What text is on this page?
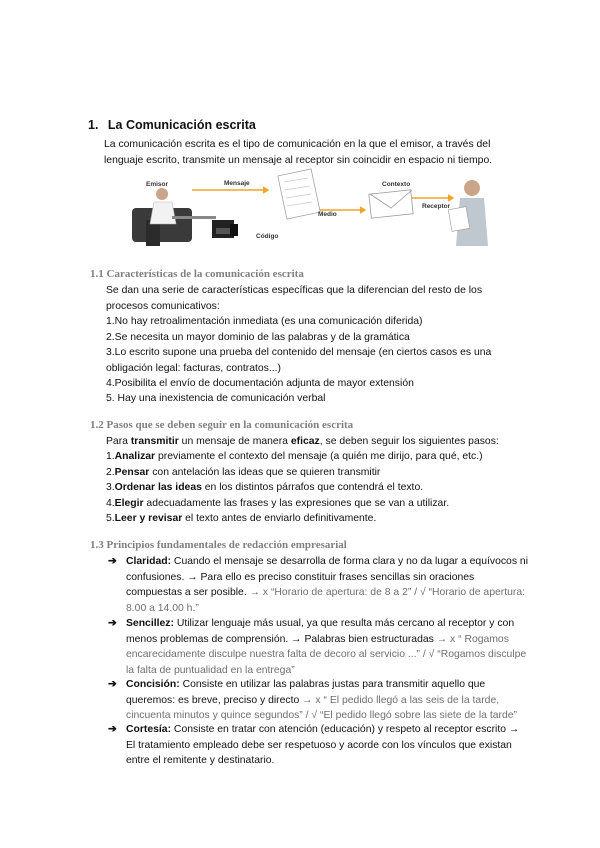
1. La Comunicación escrita
La comunicación escrita es el tipo de comunicación en la que el emisor, a través del lenguaje escrito, transmite un mensaje al receptor sin coincidir en espacio ni tiempo.
Emisor	Mensaje
Código
Medio
Contexto
Receptor
1.1 Características de la comunicación escrita
Se dan una serie de características específicas que la diferencian del resto de los procesos comunicativos:
1.No hay retroalimentación inmediata (es una comunicación diferida)
2.Se necesita un mayor dominio de las palabras y de la gramática
3.Lo escrito supone una prueba del contenido del mensaje (en ciertos casos es una obligación legal: facturas, contratos...)
4.Posibilita el envío de documentación adjunta de mayor extensión
5. Hay una inexistencia de comunicación verbal
1.2 Pasos que se deben seguir en la comunicación escrita
Para transmitir un mensaje de manera eficaz, se deben seguir los siguientes pasos:
1.Analizar previamente el contexto del mensaje (a quién me dirijo, para qué, etc.)
2.Pensar con antelación las ideas que se quieren transmitir
3.Ordenar las ideas en los distintos párrafos que contendrá el texto.
4.Elegir adecuadamente las frases y las expresiones que se van a utilizar.
5.Leer y revisar el texto antes de enviarlo definitivamente.
1.3 Principios fundamentales de redacción empresarial
➔ Claridad: Cuando el mensaje se desarrolla de forma clara y no da lugar a equívocos ni confusiones. → Para ello es preciso constituir frases sencillas sin oraciones compuestas a ser posible. → x “Horario de apertura: de 8 a 2” / √ “Horario de apertura: 8.00 a 14.00 h.”
➔ Sencillez: Utilizar lenguaje más usual, ya que resulta más cercano al receptor y con menos problemas de comprensión. → Palabras bien estructuradas → x “ Rogamos encarecidamente disculpe nuestra falta de decoro al servicio ...” / √ “Rogamos disculpe la falta de puntualidad en la entrega”
➔ Concisión: Consiste en utilizar las palabras justas para transmitir aquello que queremos: es breve, preciso y directo → x “ El pedido llegó a las seis de la tarde, cincuenta minutos y quince segundos” / √ “El pedido llegó sobre las siete de la tarde”
➔ Cortesía: Consiste en tratar con atención (educación) y respeto al receptor escrito → El tratamiento empleado debe ser respetuoso y acorde con los vínculos que existan entre el remitente y destinatario.
